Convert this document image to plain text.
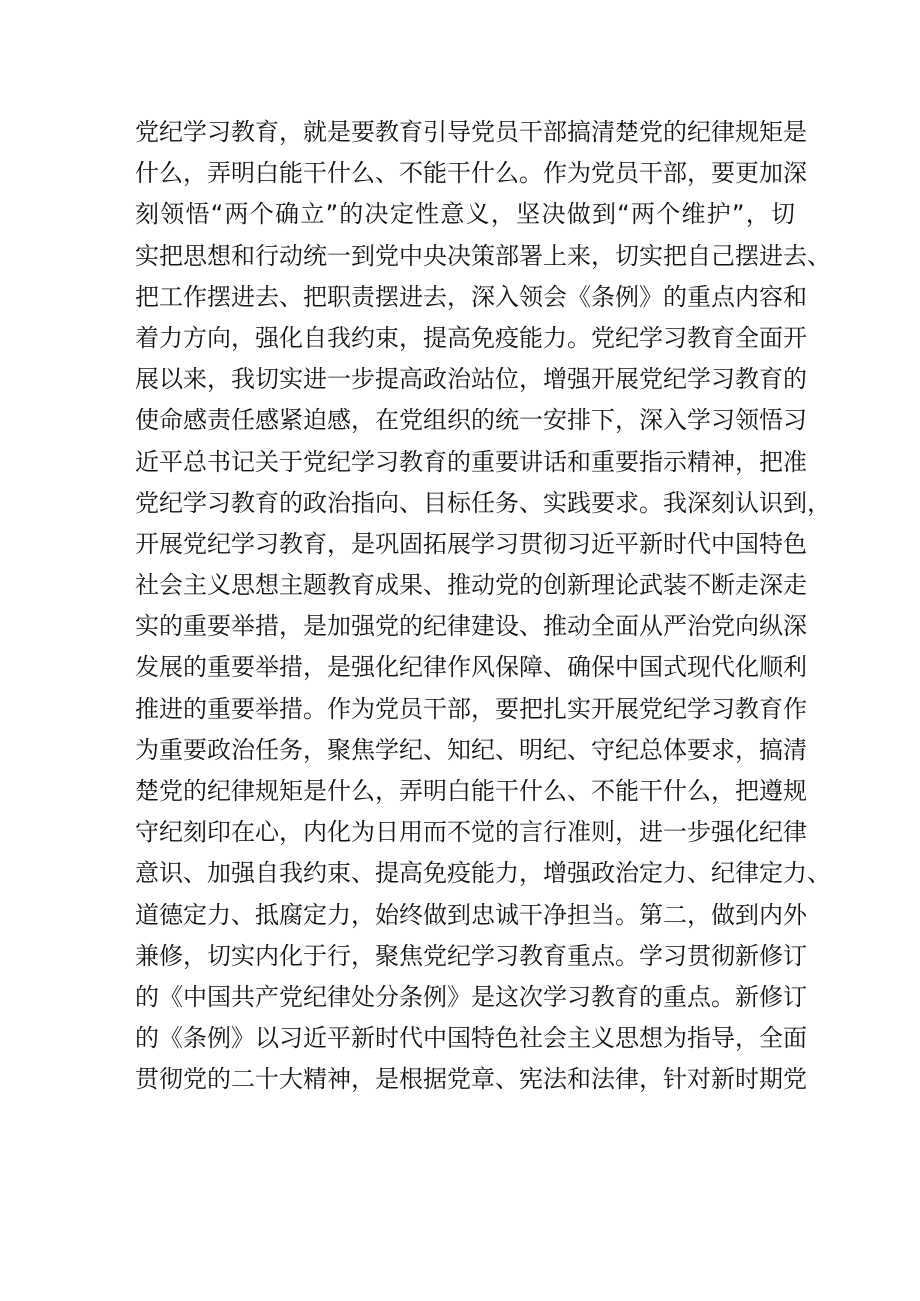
党纪学习教育，就是要教育引导党员干部搞清楚党的纪律规矩是
什么，弄明白能干什么、不能干什么。作为党员干部，要更加深
刻领悟“两个确立”的决定性意义，坚决做到“两个维护”，切
实把思想和行动统一到党中央决策部署上来，切实把自己摆进去、
把工作摆进去、把职责摆进去，深入领会《条例》的重点内容和
着力方向，强化自我约束，提高免疫能力。党纪学习教育全面开
展以来，我切实进一步提高政治站位，增强开展党纪学习教育的
使命感责任感紧迫感，在党组织的统一安排下，深入学习领悟习
近平总书记关于党纪学习教育的重要讲话和重要指示精神，把准
党纪学习教育的政治指向、目标任务、实践要求。我深刻认识到，
开展党纪学习教育，是巩固拓展学习贯彻习近平新时代中国特色
社会主义思想主题教育成果、推动党的创新理论武装不断走深走
实的重要举措，是加强党的纪律建设、推动全面从严治党向纵深
发展的重要举措，是强化纪律作风保障、确保中国式现代化顺利
推进的重要举措。作为党员干部，要把扎实开展党纪学习教育作
为重要政治任务，聚焦学纪、知纪、明纪、守纪总体要求，搞清
楚党的纪律规矩是什么，弄明白能干什么、不能干什么，把遵规
守纪刻印在心，内化为日用而不觉的言行准则，进一步强化纪律
意识、加强自我约束、提高免疫能力，增强政治定力、纪律定力、
道德定力、抵腐定力，始终做到忠诚干净担当。第二，做到内外
兼修，切实内化于行，聚焦党纪学习教育重点。学习贯彻新修订
的《中国共产党纪律处分条例》是这次学习教育的重点。新修订
的《条例》以习近平新时代中国特色社会主义思想为指导，全面
贯彻党的二十大精神，是根据党章、宪法和法律，针对新时期党
